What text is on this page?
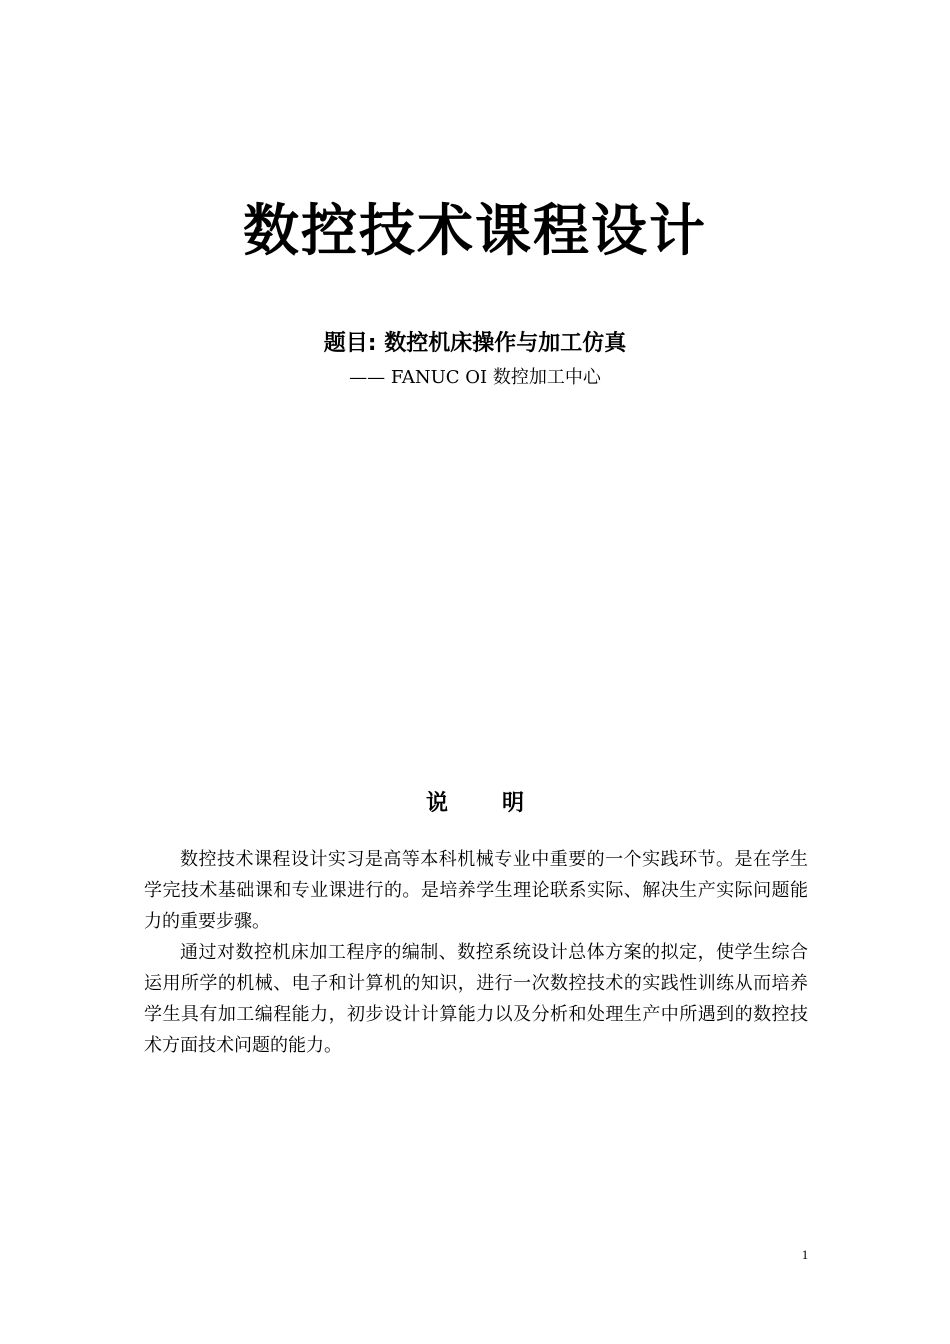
数控技术课程设计
题目: 数控机床操作与加工仿真
—— FANUC OI 数控加工中心
说 明

数控技术课程设计实习是高等本科机械专业中重要的一个实践环节。是在学生学完技术基础课和专业课进行的。是培养学生理论联系实际、解决生产实际问题能力的重要步骤。

通过对数控机床加工程序的编制、数控系统设计总体方案的拟定，使学生综合运用所学的机械、电子和计算机的知识，进行一次数控技术的实践性训练从而培养学生具有加工编程能力，初步设计计算能力以及分析和处理生产中所遇到的数控技术方面技术问题的能力。

1
